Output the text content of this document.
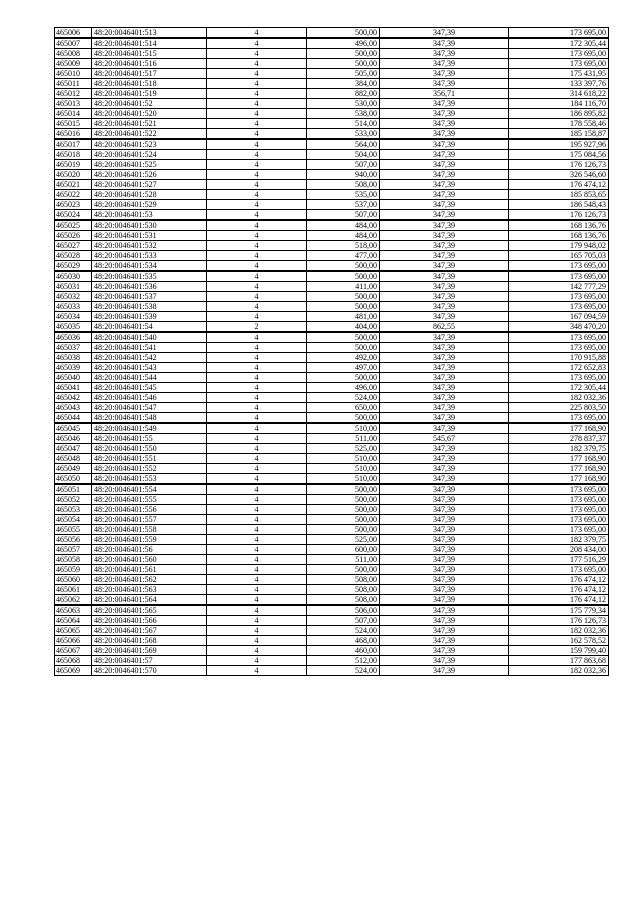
465006	48:20:0046401:513	4	500,00	347,39	173 695,00
465007	48:20:0046401:514	4	496,00	347,39	172 305,44
465008	48:20:0046401:515	4	500,00	347,39	173 695,00
465009	48:20:0046401:516	4	500,00	347,39	173 695,00
465010	48:20:0046401:517	4	505,00	347,39	175 431,95
465011	48:20:0046401:518	4	384,00	347,39	133 397,76
465012	48:20:0046401:519	4	882,00	356,71	314 618,22
465013	48:20:0046401:52	4	530,00	347,39	184 116,70
465014	48:20:0046401:520	4	538,00	347,39	186 895,82
465015	48:20:0046401:521	4	514,00	347,39	178 558,46
465016	48:20:0046401:522	4	533,00	347,39	185 158,87
465017	48:20:0046401:523	4	564,00	347,39	195 927,96
465018	48:20:0046401:524	4	504,00	347,39	175 084,56
465019	48:20:0046401:525	4	507,00	347,39	176 126,73
465020	48:20:0046401:526	4	940,00	347,39	326 546,60
465021	48:20:0046401:527	4	508,00	347,39	176 474,12
465022	48:20:0046401:528	4	535,00	347,39	185 853,65
465023	48:20:0046401:529	4	537,00	347,39	186 548,43
465024	48:20:0046401:53	4	507,00	347,39	176 126,73
465025	48:20:0046401:530	4	484,00	347,39	168 136,76
465026	48:20:0046401:531	4	484,00	347,39	168 136,76
465027	48:20:0046401:532	4	518,00	347,39	179 948,02
465028	48:20:0046401:533	4	477,00	347,39	165 705,03
465029	48:20:0046401:534	4	500,00	347,39	173 695,00
465030	48:20:0046401:535	4	500,00	347,39	173 695,00
465031	48:20:0046401:536	4	411,00	347,39	142 777,29
465032	48:20:0046401:537	4	500,00	347,39	173 695,00
465033	48:20:0046401:538	4	500,00	347,39	173 695,00
465034	48:20:0046401:539	4	481,00	347,39	167 094,59
465035	48:20:0046401:54	2	404,00	862,55	348 470,20
465036	48:20:0046401:540	4	500,00	347,39	173 695,00
465037	48:20:0046401:541	4	500,00	347,39	173 695,00
465038	48:20:0046401:542	4	492,00	347,39	170 915,88
465039	48:20:0046401:543	4	497,00	347,39	172 652,83
465040	48:20:0046401:544	4	500,00	347,39	173 695,00
465041	48:20:0046401:545	4	496,00	347,39	172 305,44
465042	48:20:0046401:546	4	524,00	347,39	182 032,36
465043	48:20:0046401:547	4	650,00	347,39	225 803,50
465044	48:20:0046401:548	4	500,00	347,39	173 695,00
465045	48:20:0046401:549	4	510,00	347,39	177 168,90
465046	48:20:0046401:55	4	511,00	545,67	278 837,37
465047	48:20:0046401:550	4	525,00	347,39	182 379,75
465048	48:20:0046401:551	4	510,00	347,39	177 168,90
465049	48:20:0046401:552	4	510,00	347,39	177 168,90
465050	48:20:0046401:553	4	510,00	347,39	177 168,90
465051	48:20:0046401:554	4	500,00	347,39	173 695,00
465052	48:20:0046401:555	4	500,00	347,39	173 695,00
465053	48:20:0046401:556	4	500,00	347,39	173 695,00
465054	48:20:0046401:557	4	500,00	347,39	173 695,00
465055	48:20:0046401:558	4	500,00	347,39	173 695,00
465056	48:20:0046401:559	4	525,00	347,39	182 379,75
465057	48:20:0046401:56	4	600,00	347,39	208 434,00
465058	48:20:0046401:560	4	511,00	347,39	177 516,29
465059	48:20:0046401:561	4	500,00	347,39	173 695,00
465060	48:20:0046401:562	4	508,00	347,39	176 474,12
465061	48:20:0046401:563	4	508,00	347,39	176 474,12
465062	48:20:0046401:564	4	508,00	347,39	176 474,12
465063	48:20:0046401:565	4	506,00	347,39	175 779,34
465064	48:20:0046401:566	4	507,00	347,39	176 126,73
465065	48:20:0046401:567	4	524,00	347,39	182 032,36
465066	48:20:0046401:568	4	468,00	347,39	162 578,52
465067	48:20:0046401:569	4	460,00	347,39	159 799,40
465068	48:20:0046401:57	4	512,00	347,39	177 863,68
465069	48:20:0046401:570	4	524,00	347,39	182 032,36
